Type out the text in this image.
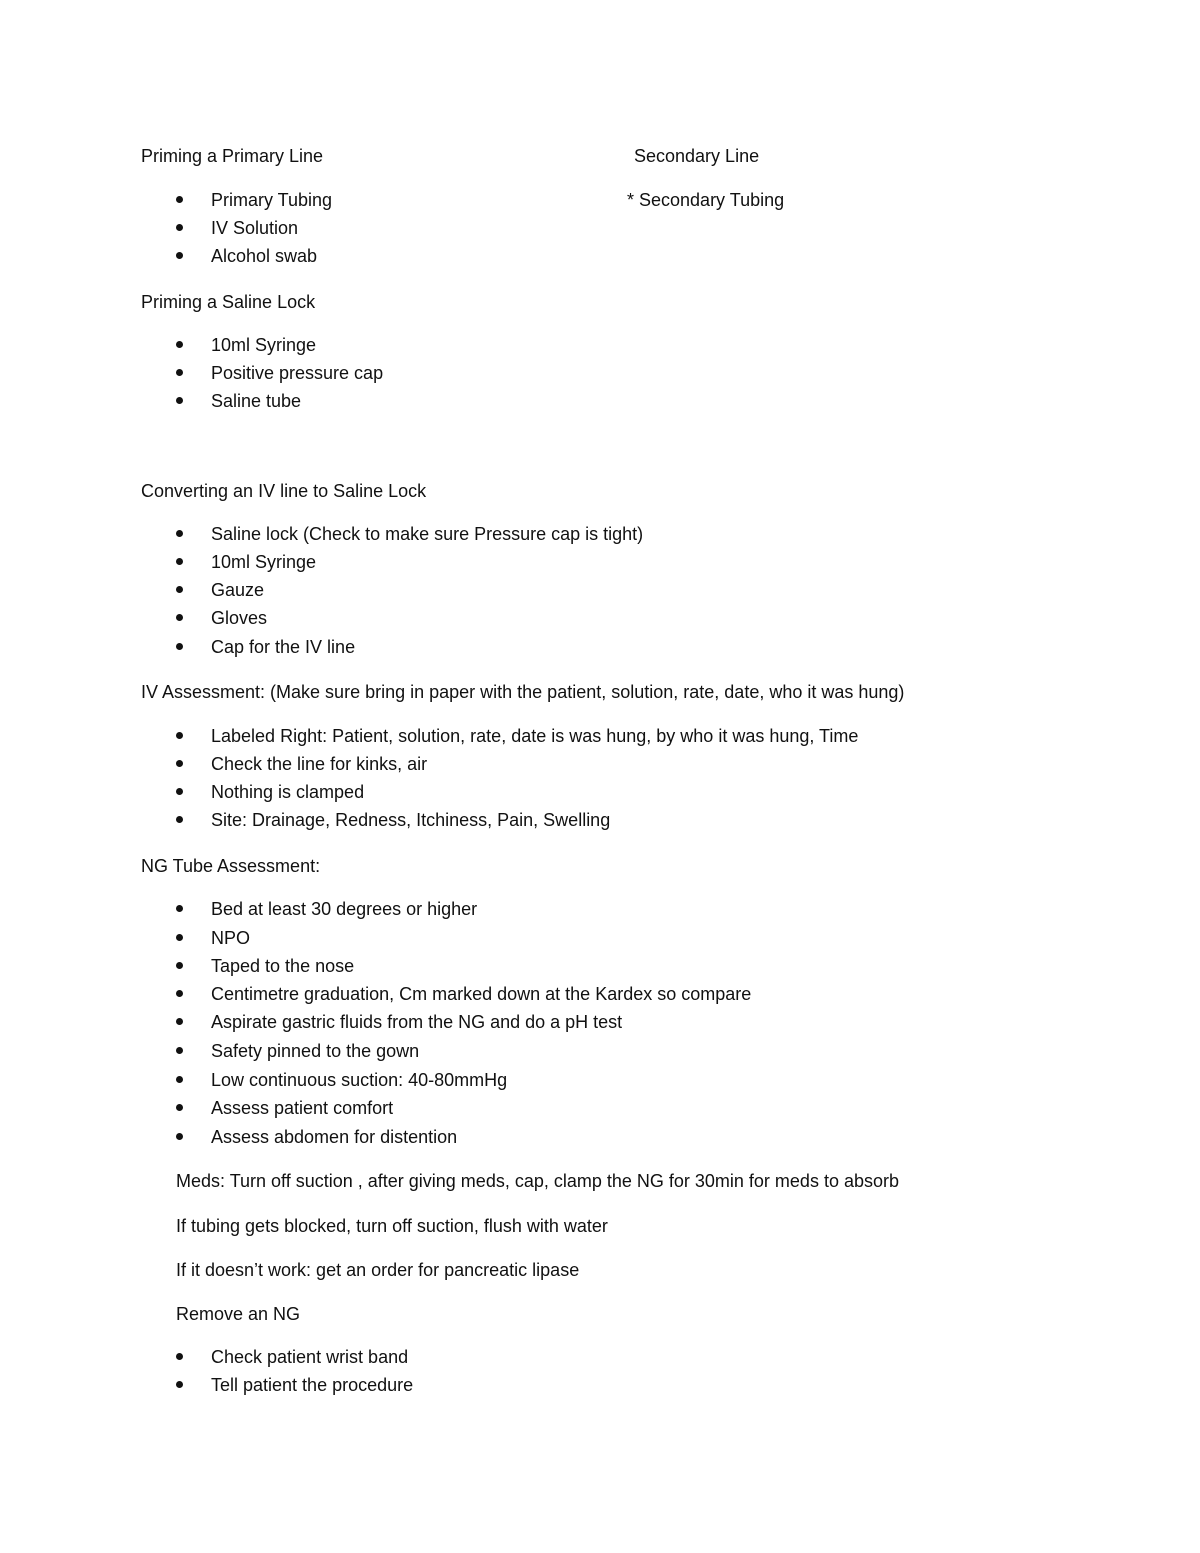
Priming a Primary Line
Primary Tubing
IV Solution
Alcohol swab
Secondary Line
* Secondary Tubing
Priming a Saline Lock
10ml Syringe
Positive pressure cap
Saline tube
Converting an IV line to Saline Lock
Saline lock (Check to make sure Pressure cap is tight)
10ml Syringe
Gauze
Gloves
Cap for the IV line
IV Assessment: (Make sure bring in paper with the patient, solution, rate, date, who it was hung)
Labeled Right: Patient, solution, rate, date is was hung, by who it was hung, Time
Check the line for kinks, air
Nothing is clamped
Site: Drainage, Redness, Itchiness, Pain, Swelling
NG Tube Assessment:
Bed at least 30 degrees or higher
NPO
Taped to the nose
Centimetre graduation, Cm marked down at the Kardex so compare
Aspirate gastric fluids from the NG and do a pH test
Safety pinned to the gown
Low continuous suction: 40-80mmHg
Assess patient comfort
Assess abdomen for distention
Meds: Turn off suction , after giving meds, cap, clamp the NG for 30min for meds to absorb
If tubing gets blocked, turn off suction, flush with water
If it doesn’t work: get an order for pancreatic lipase
Remove an NG
Check patient wrist band
Tell patient the procedure
